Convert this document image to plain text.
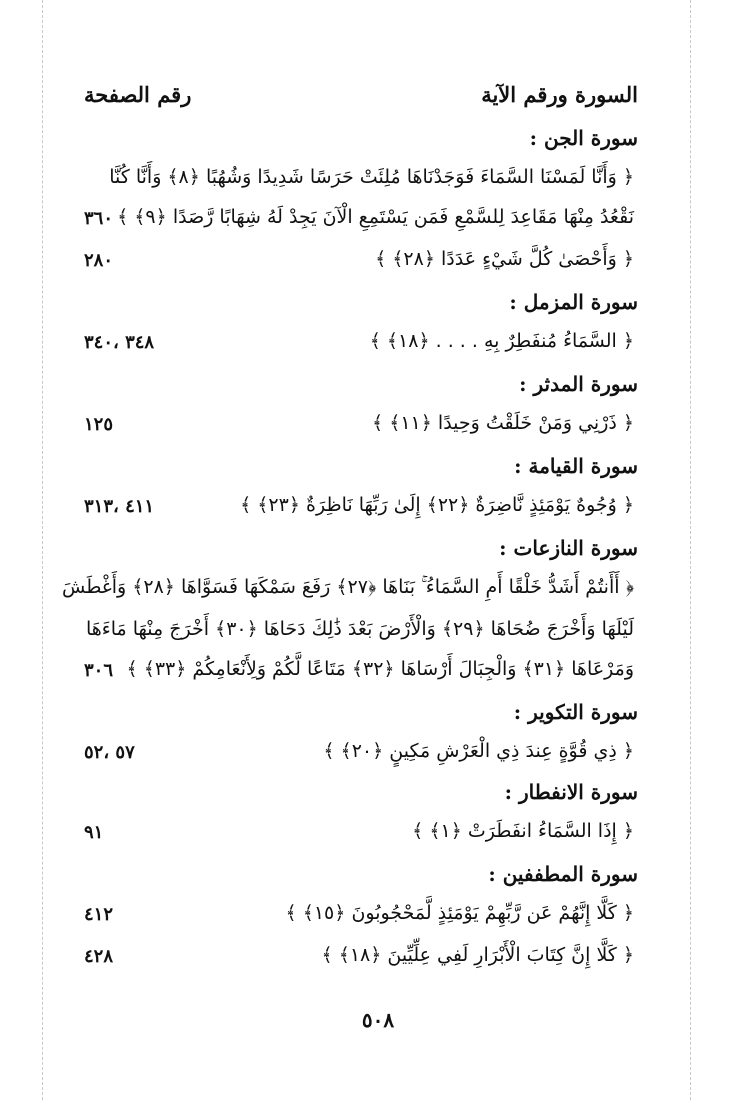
السورة ورقم الآية
رقم الصفحة
سورة الجن :
﴿ وَأَنَّا لَمَسْنَا السَّمَاءَ فَوَجَدْنَاهَا مُلِئَتْ حَرَسًا شَدِيدًا وَشُهُبًا ﴿٨﴾ وَأَنَّا كُنَّا
نَقْعُدُ مِنْهَا مَقَاعِدَ لِلسَّمْعِ فَمَن يَسْتَمِعِ الْآنَ يَجِدْ لَهُ شِهَابًا رَّصَدًا ﴿٩﴾ ﴾
٣٦٠
﴿ وَأَحْصَىٰ كُلَّ شَيْءٍ عَدَدًا ﴿٢٨﴾ ﴾
٢٨٠
سورة المزمل :
﴿ السَّمَاءُ مُنفَطِرٌ بِهِ . . . . ﴿١٨﴾ ﴾
٣٤٠، ٣٤٨
سورة المدثر :
﴿ ذَرْنِي وَمَنْ خَلَقْتُ وَحِيدًا ﴿١١﴾ ﴾
١٢٥
سورة القيامة :
﴿ وُجُوهٌ يَوْمَئِذٍ نَّاضِرَةٌ ﴿٢٢﴾ إِلَىٰ رَبِّهَا نَاظِرَةٌ ﴿٢٣﴾ ﴾
٣١٣، ٤١١
سورة النازعات :
﴿ أَأَنتُمْ أَشَدُّ خَلْقًا أَمِ السَّمَاءُ ۚ بَنَاهَا ﴿٢٧﴾ رَفَعَ سَمْكَهَا فَسَوَّاهَا ﴿٢٨﴾ وَأَغْطَشَ
لَيْلَهَا وَأَخْرَجَ ضُحَاهَا ﴿٢٩﴾ وَالْأَرْضَ بَعْدَ ذَٰلِكَ دَحَاهَا ﴿٣٠﴾ أَخْرَجَ مِنْهَا مَاءَهَا
وَمَرْعَاهَا ﴿٣١﴾ وَالْجِبَالَ أَرْسَاهَا ﴿٣٢﴾ مَتَاعًا لَّكُمْ وَلِأَنْعَامِكُمْ ﴿٣٣﴾ ﴾
٣٠٦
سورة التكوير :
﴿ ذِي قُوَّةٍ عِندَ ذِي الْعَرْشِ مَكِينٍ ﴿٢٠﴾ ﴾
٥٢، ٥٧
سورة الانفطار :
﴿ إِذَا السَّمَاءُ انفَطَرَتْ ﴿١﴾ ﴾
٩١
سورة المطففين :
﴿ كَلَّا إِنَّهُمْ عَن رَّبِّهِمْ يَوْمَئِذٍ لَّمَحْجُوبُونَ ﴿١٥﴾ ﴾
٤١٢
﴿ كَلَّا إِنَّ كِتَابَ الْأَبْرَارِ لَفِي عِلِّيِّينَ ﴿١٨﴾ ﴾
٤٢٨
٥٠٨
